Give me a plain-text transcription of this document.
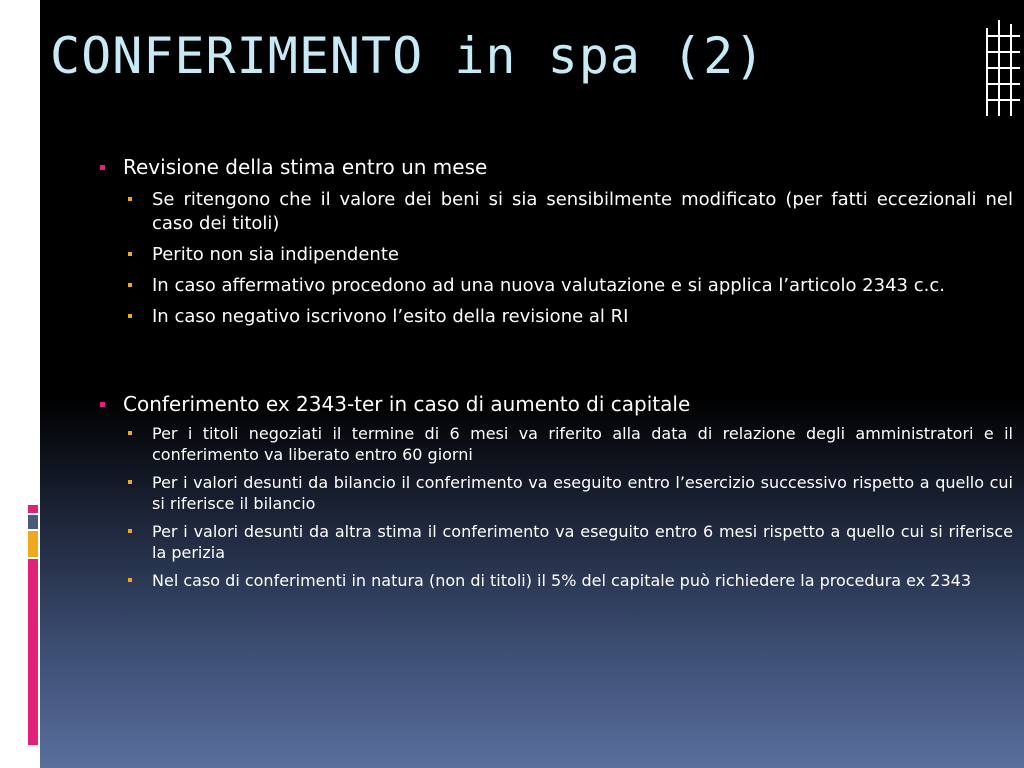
CONFERIMENTO in spa (2)
Revisione della stima entro un mese
Se ritengono che il valore dei beni si sia sensibilmente modificato (per fatti eccezionali nel caso dei titoli)
Perito non sia indipendente
In caso affermativo procedono ad una nuova valutazione e si applica l’articolo 2343 c.c.
In caso negativo iscrivono l’esito della revisione al RI
Conferimento ex 2343-ter in caso di aumento di capitale
Per i titoli negoziati il termine di 6 mesi va riferito alla data di relazione degli amministratori e il conferimento va liberato entro 60 giorni
Per i valori desunti da bilancio il conferimento va eseguito entro l’esercizio successivo rispetto a quello cui si riferisce il bilancio
Per i valori desunti da altra stima il conferimento va eseguito entro 6 mesi rispetto a quello cui si riferisce la perizia
Nel caso di conferimenti in natura (non di titoli) il 5% del capitale può richiedere la procedura ex 2343
